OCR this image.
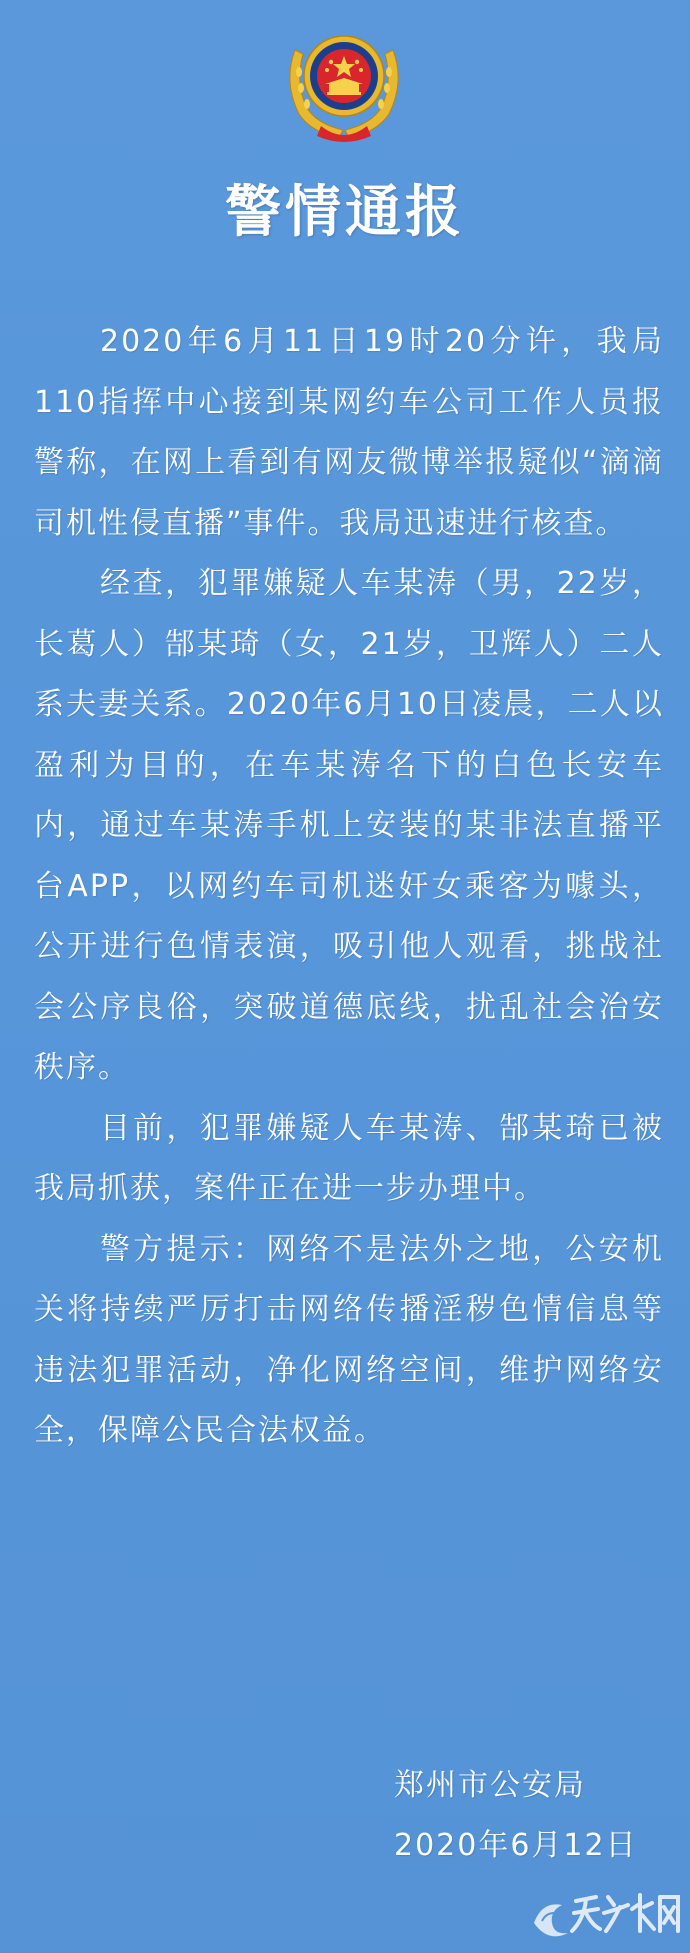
警情通报

2020年6月11日19时20分许，我局110指挥中心接到某网约车公司工作人员报警称，在网上看到有网友微博举报疑似“滴滴司机性侵直播”事件。我局迅速进行核查。

经查，犯罪嫌疑人车某涛（男，22岁，长葛人）郜某琦（女，21岁，卫辉人）二人系夫妻关系。2020年6月10日凌晨，二人以盈利为目的，在车某涛名下的白色长安车内，通过车某涛手机上安装的某非法直播平台APP，以网约车司机迷奸女乘客为噱头，公开进行色情表演，吸引他人观看，挑战社会公序良俗，突破道德底线，扰乱社会治安秩序。

目前，犯罪嫌疑人车某涛、郜某琦已被我局抓获，案件正在进一步办理中。

警方提示：网络不是法外之地，公安机关将持续严厉打击网络传播淫秽色情信息等违法犯罪活动，净化网络空间，维护网络安全，保障公民合法权益。

郑州市公安局
2020年6月12日
